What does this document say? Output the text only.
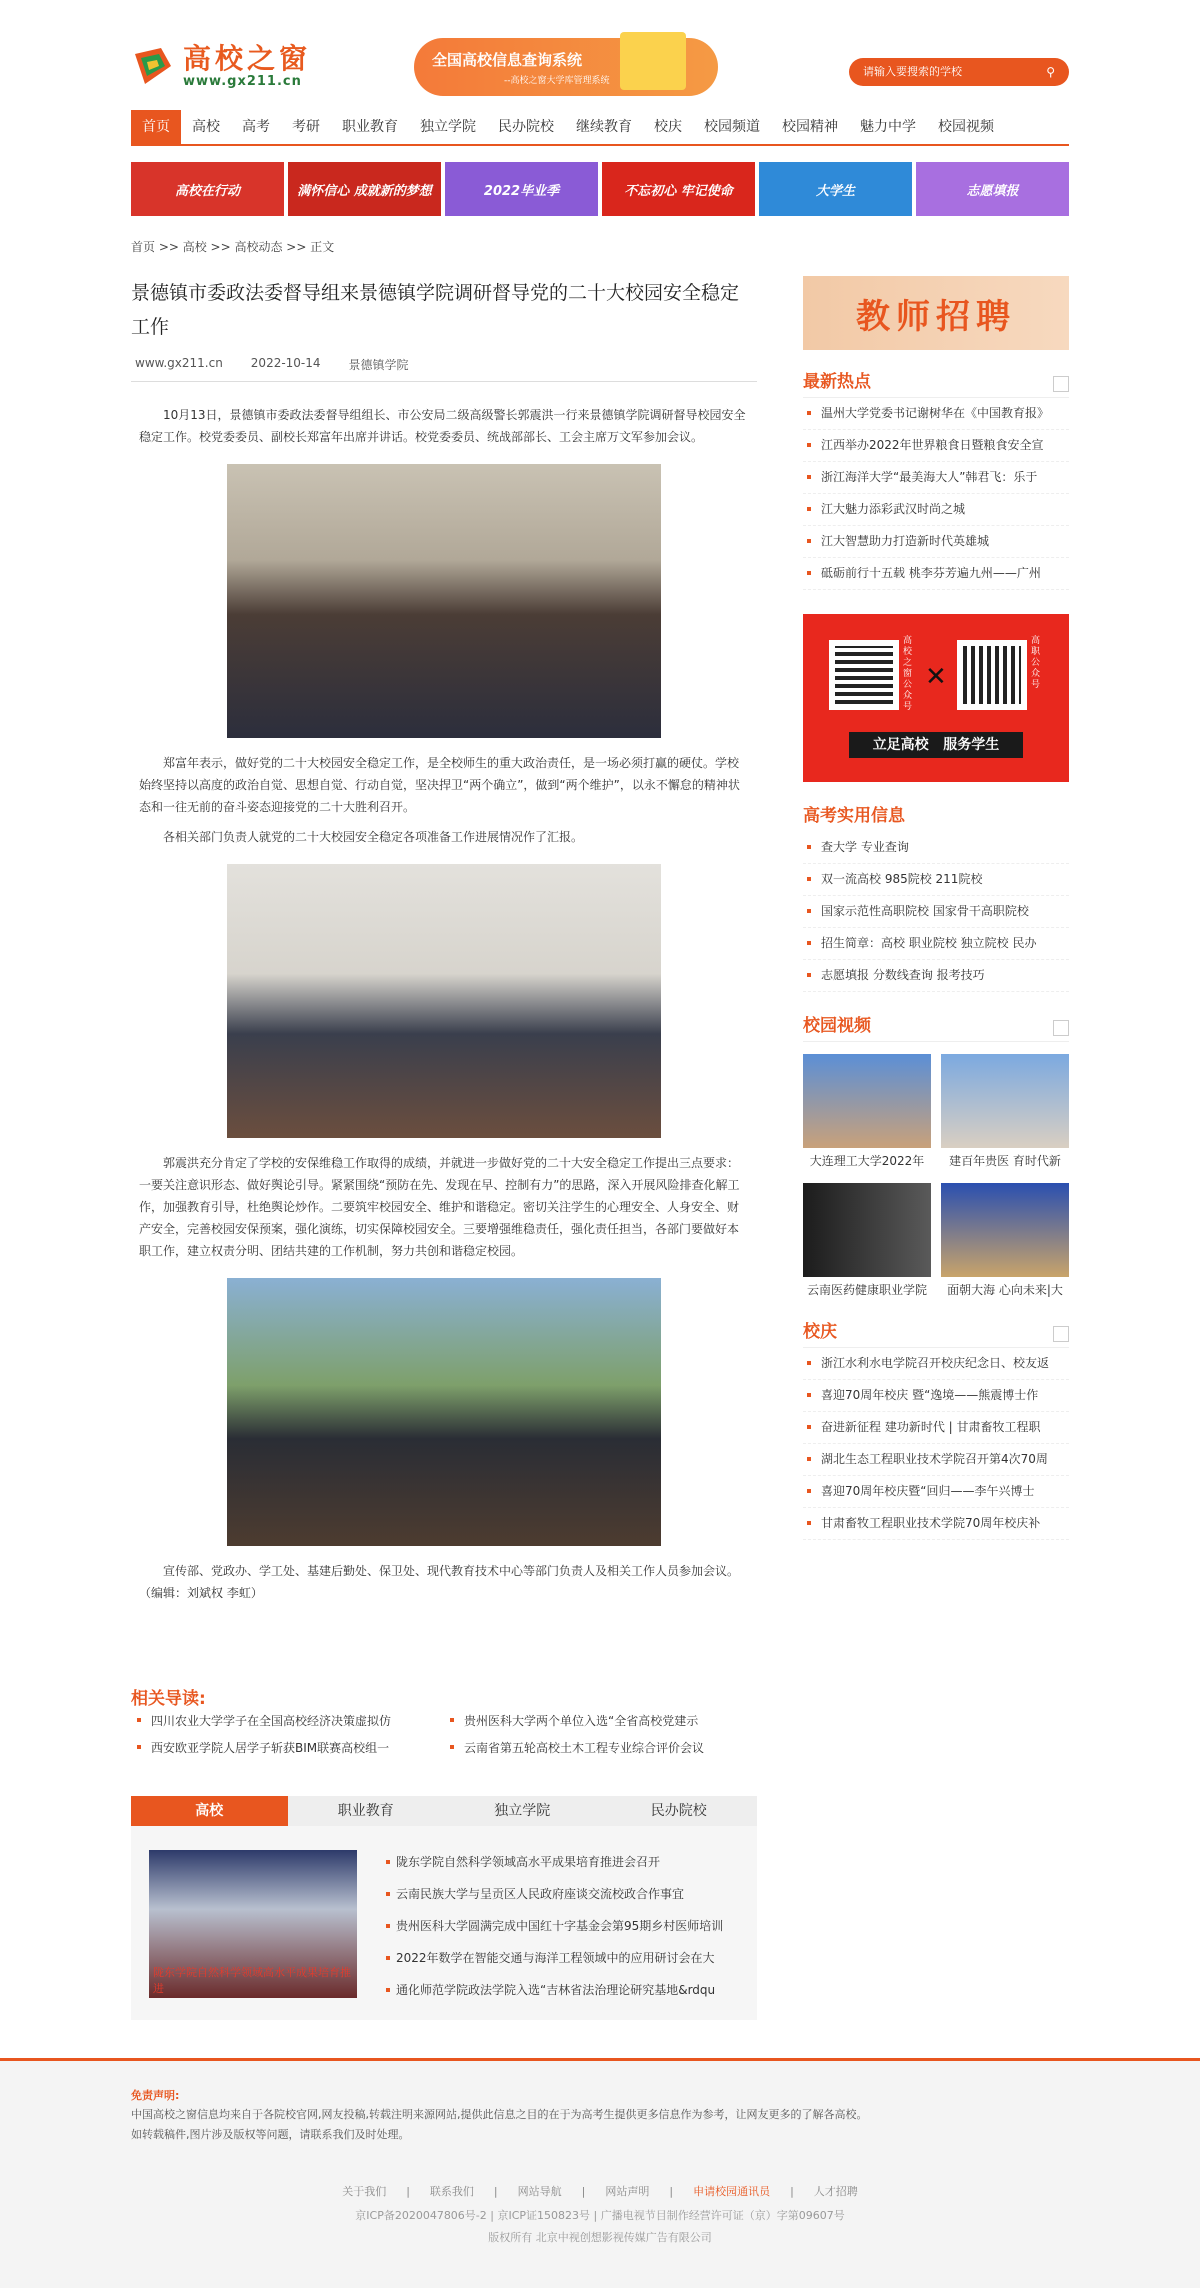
高校之窗
www.gx211.cn
全国高校信息查询系统
--高校之窗大学库管理系统
请输入要搜索的学校
⚲
首页	高校	高考	考研	职业教育	独立学院	民办院校	继续教育	校庆	校园频道	校园精神	魅力中学	校园视频
高校在行动	满怀信心 成就新的梦想	2022毕业季	不忘初心 牢记使命	大学生	志愿填报
首页 >> 高校 >> 高校动态 >> 正文
景德镇市委政法委督导组来景德镇学院调研督导党的二十大校园安全稳定工作
www.gx211.cn 2022-10-14 景德镇学院

10月13日，景德镇市委政法委督导组组长、市公安局二级高级警长郭震洪一行来景德镇学院调研督导校园安全稳定工作。校党委委员、副校长郑富年出席并讲话。校党委委员、统战部部长、工会主席万文军参加会议。

郑富年表示，做好党的二十大校园安全稳定工作，是全校师生的重大政治责任，是一场必须打赢的硬仗。学校始终坚持以高度的政治自觉、思想自觉、行动自觉，坚决捍卫“两个确立”，做到“两个维护”，以永不懈怠的精神状态和一往无前的奋斗姿态迎接党的二十大胜利召开。

各相关部门负责人就党的二十大校园安全稳定各项准备工作进展情况作了汇报。

郭震洪充分肯定了学校的安保维稳工作取得的成绩，并就进一步做好党的二十大安全稳定工作提出三点要求：一要关注意识形态、做好舆论引导。紧紧围绕“预防在先、发现在早、控制有力”的思路，深入开展风险排查化解工作，加强教育引导，杜绝舆论炒作。二要筑牢校园安全、维护和谐稳定。密切关注学生的心理安全、人身安全、财产安全，完善校园安保预案，强化演练，切实保障校园安全。三要增强维稳责任，强化责任担当，各部门要做好本职工作，建立权责分明、团结共建的工作机制，努力共创和谐稳定校园。

宣传部、党政办、学工处、基建后勤处、保卫处、现代教育技术中心等部门负责人及相关工作人员参加会议。（编辑：刘斌权 李虹）

相关导读:
四川农业大学学子在全国高校经济决策虚拟仿	贵州医科大学两个单位入选“全省高校党建示
西安欧亚学院人居学子斩获BIM联赛高校组一	云南省第五轮高校土木工程专业综合评价会议
高校	职业教育	独立学院	民办院校
陇东学院自然科学领域高水平成果培育推进
陇东学院自然科学领域高水平成果培育推进会召开
云南民族大学与呈贡区人民政府座谈交流校政合作事宜
贵州医科大学圆满完成中国红十字基金会第95期乡村医师培训
2022年数学在智能交通与海洋工程领域中的应用研讨会在大
通化师范学院政法学院入选“吉林省法治理论研究基地&rdqu
教师招聘
最新热点
温州大学党委书记谢树华在《中国教育报》
江西举办2022年世界粮食日暨粮食安全宣
浙江海洋大学“最美海大人”韩君飞：乐于
江大魅力添彩武汉时尚之城
江大智慧助力打造新时代英雄城
砥砺前行十五载 桃李芬芳遍九州——广州
高校之窗公众号
✕
高职公众号
立足高校   服务学生
高考实用信息
查大学 专业查询
双一流高校 985院校 211院校
国家示范性高职院校 国家骨干高职院校
招生简章：高校 职业院校 独立院校 民办
志愿填报 分数线查询 报考技巧
校园视频
大连理工大学2022年	建百年贵医 育时代新
云南医药健康职业学院	面朝大海 心向未来|大
校庆
浙江水利水电学院召开校庆纪念日、校友返
喜迎70周年校庆 暨“逸境——熊震博士作
奋进新征程 建功新时代 | 甘肃畜牧工程职
湖北生态工程职业技术学院召开第4次70周
喜迎70周年校庆暨“回归——李午兴博士
甘肃畜牧工程职业技术学院70周年校庆补
免责声明:
中国高校之窗信息均来自于各院校官网,网友投稿,转载注明来源网站,提供此信息之目的在于为高考生提供更多信息作为参考，让网友更多的了解各高校。
如转载稿件,图片涉及版权等问题，请联系我们及时处理。
关于我们 | 联系我们 | 网站导航 | 网站声明 | 申请校园通讯员 | 人才招聘
京ICP备2020047806号-2 | 京ICP证150823号 | 广播电视节目制作经营许可证（京）字第09607号
版权所有 北京中视创想影视传媒广告有限公司
